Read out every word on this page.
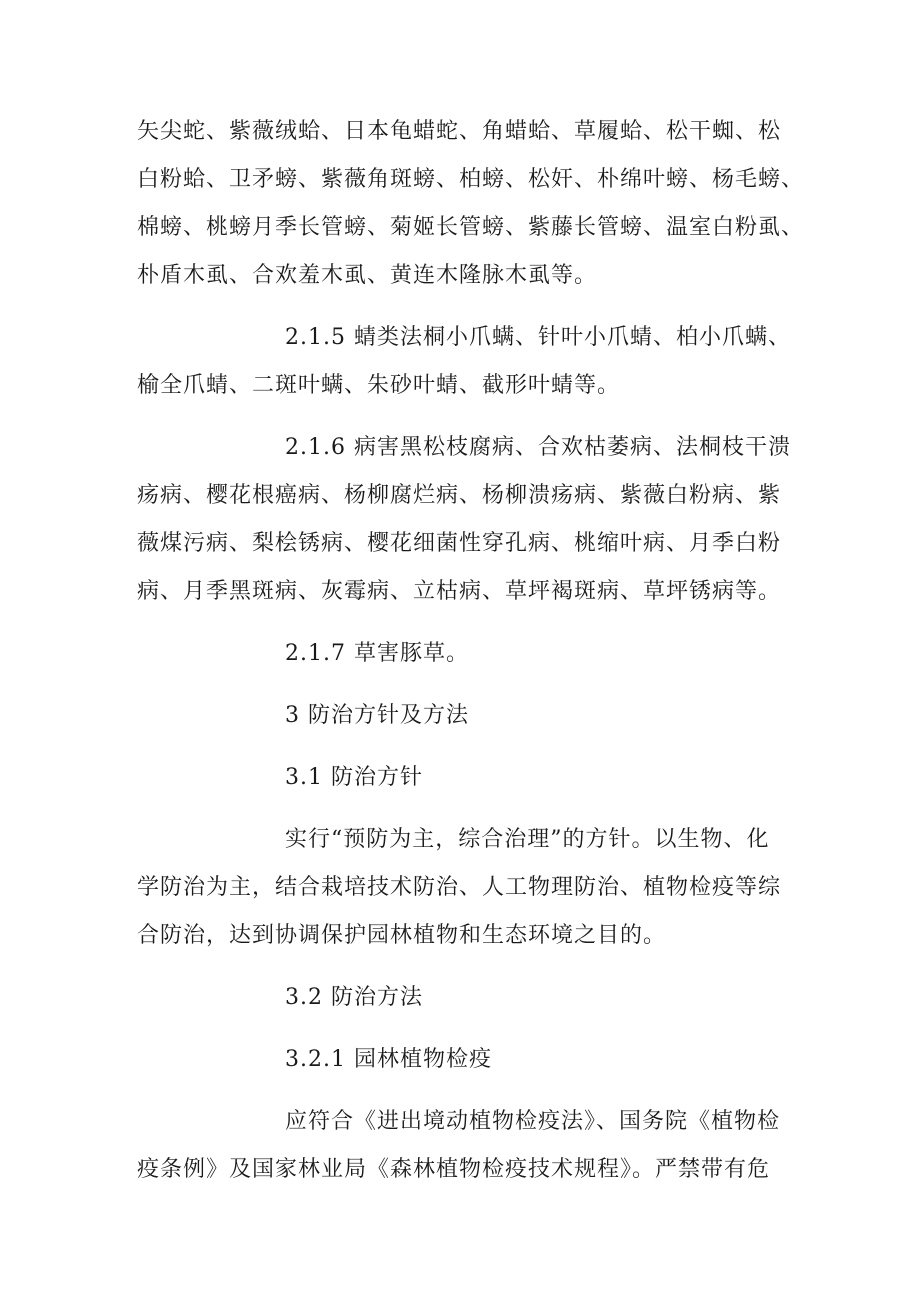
矢尖蛇、紫薇绒蛤、日本龟蜡蛇、角蜡蛤、草履蛤、松干蜘、松
白粉蛤、卫矛螃、紫薇角斑螃、柏螃、松奸、朴绵叶螃、杨毛螃、
棉螃、桃螃月季长管螃、菊姬长管螃、紫藤长管螃、温室白粉虱、
朴盾木虱、合欢羞木虱、黄连木隆脉木虱等。

2.1.5 蜻类法桐小爪螨、针叶小爪蜻、柏小爪螨、
榆全爪蜻、二斑叶螨、朱砂叶蜻、截形叶蜻等。

2.1.6 病害黑松枝腐病、合欢枯萎病、法桐枝干溃
疡病、樱花根癌病、杨柳腐烂病、杨柳溃疡病、紫薇白粉病、紫
薇煤污病、梨桧锈病、樱花细菌性穿孔病、桃缩叶病、月季白粉
病、月季黑斑病、灰霉病、立枯病、草坪褐斑病、草坪锈病等。

2.1.7 草害豚草。

3 防治方针及方法

3.1 防治方针

实行“预防为主，综合治理”的方针。以生物、化
学防治为主，结合栽培技术防治、人工物理防治、植物检疫等综
合防治，达到协调保护园林植物和生态环境之目的。

3.2 防治方法

3.2.1 园林植物检疫

应符合《进出境动植物检疫法》、国务院《植物检
疫条例》及国家林业局《森林植物检疫技术规程》。严禁带有危
